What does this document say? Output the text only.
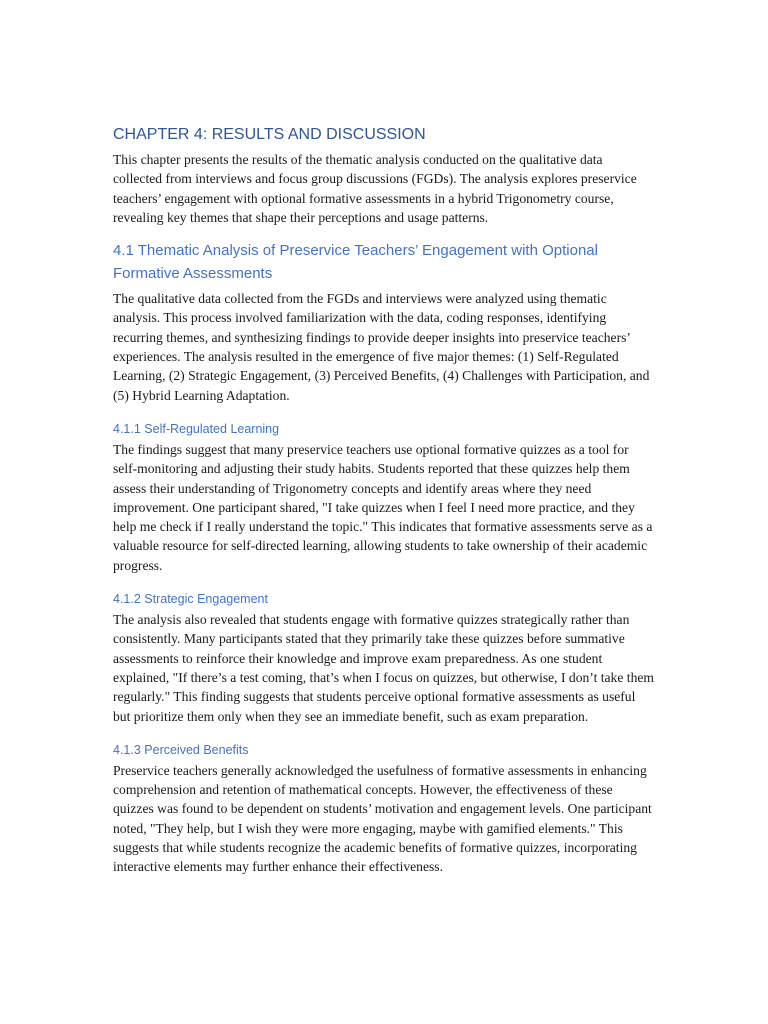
CHAPTER 4: RESULTS AND DISCUSSION

This chapter presents the results of the thematic analysis conducted on the qualitative data collected from interviews and focus group discussions (FGDs). The analysis explores preservice teachers’ engagement with optional formative assessments in a hybrid Trigonometry course, revealing key themes that shape their perceptions and usage patterns.

4.1 Thematic Analysis of Preservice Teachers’ Engagement with Optional Formative Assessments

The qualitative data collected from the FGDs and interviews were analyzed using thematic analysis. This process involved familiarization with the data, coding responses, identifying recurring themes, and synthesizing findings to provide deeper insights into preservice teachers’ experiences. The analysis resulted in the emergence of five major themes: (1) Self-Regulated Learning, (2) Strategic Engagement, (3) Perceived Benefits, (4) Challenges with Participation, and (5) Hybrid Learning Adaptation.

4.1.1 Self-Regulated Learning

The findings suggest that many preservice teachers use optional formative quizzes as a tool for self-monitoring and adjusting their study habits. Students reported that these quizzes help them assess their understanding of Trigonometry concepts and identify areas where they need improvement. One participant shared, "I take quizzes when I feel I need more practice, and they help me check if I really understand the topic." This indicates that formative assessments serve as a valuable resource for self-directed learning, allowing students to take ownership of their academic progress.

4.1.2 Strategic Engagement

The analysis also revealed that students engage with formative quizzes strategically rather than consistently. Many participants stated that they primarily take these quizzes before summative assessments to reinforce their knowledge and improve exam preparedness. As one student explained, "If there’s a test coming, that’s when I focus on quizzes, but otherwise, I don’t take them regularly." This finding suggests that students perceive optional formative assessments as useful but prioritize them only when they see an immediate benefit, such as exam preparation.

4.1.3 Perceived Benefits

Preservice teachers generally acknowledged the usefulness of formative assessments in enhancing comprehension and retention of mathematical concepts. However, the effectiveness of these quizzes was found to be dependent on students’ motivation and engagement levels. One participant noted, "They help, but I wish they were more engaging, maybe with gamified elements." This suggests that while students recognize the academic benefits of formative quizzes, incorporating interactive elements may further enhance their effectiveness.
